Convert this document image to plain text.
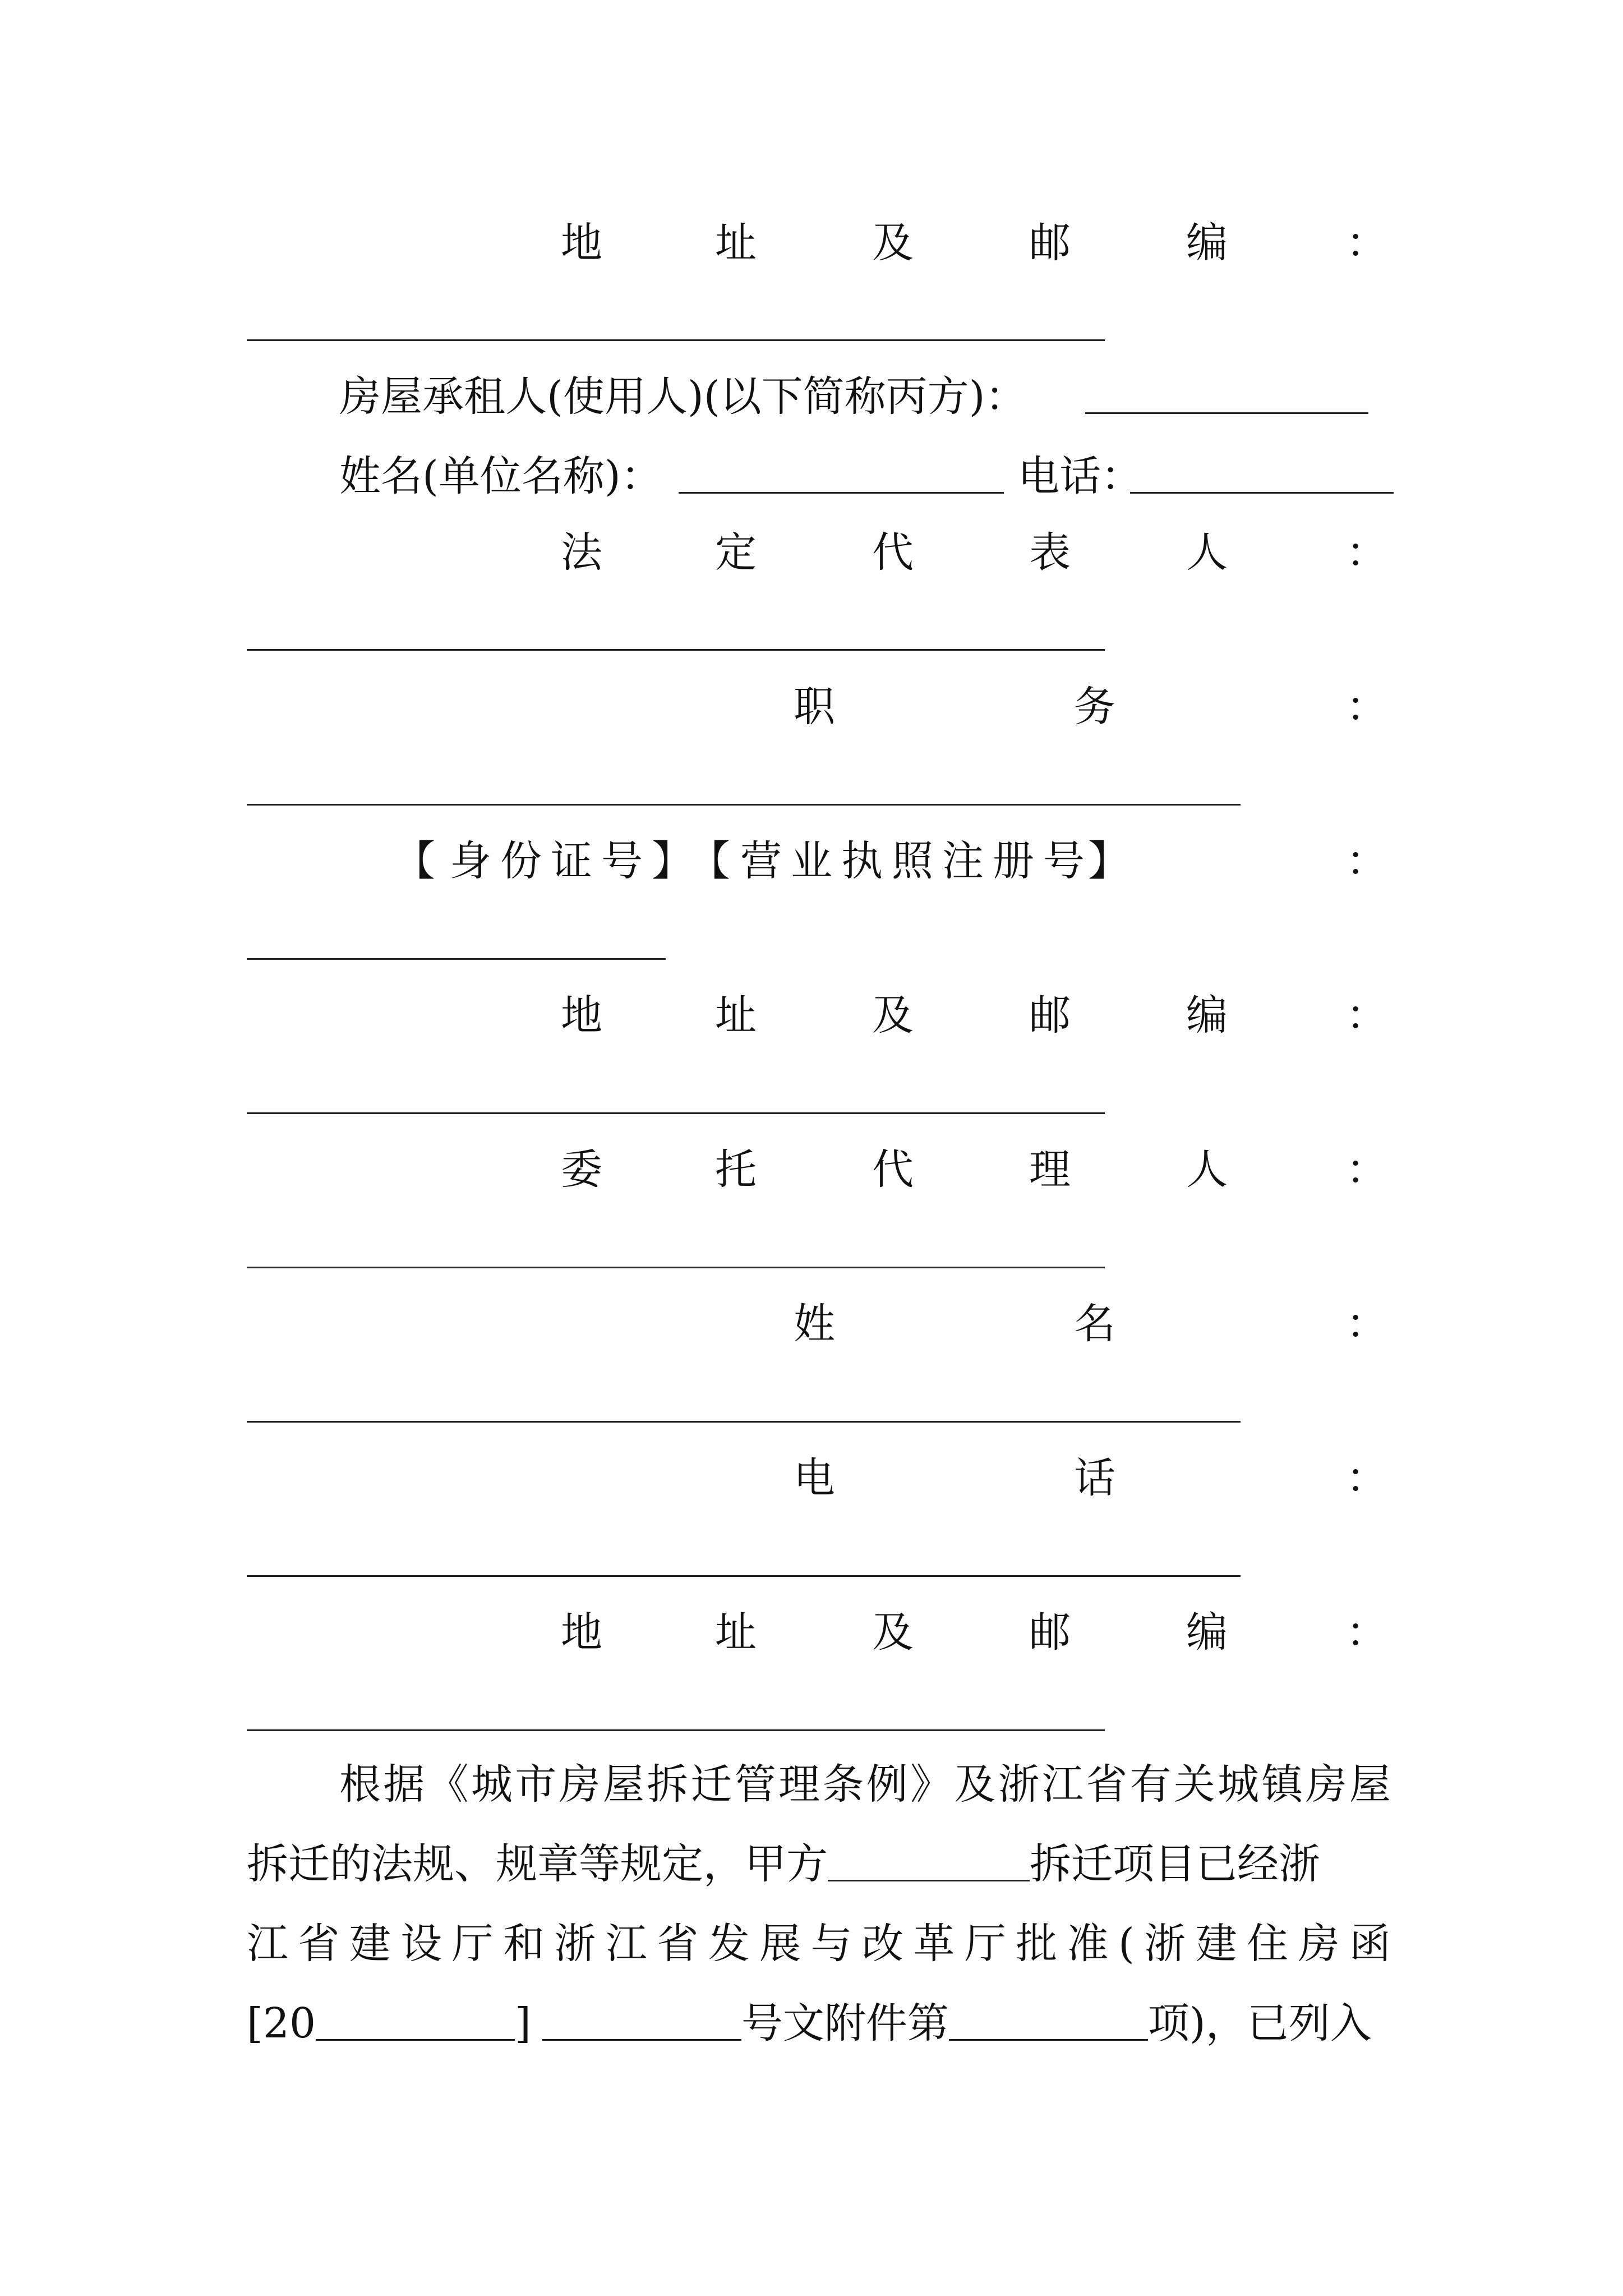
地	址	及	邮	编	：
房屋承租人(使用人)(以下简称丙方)：
姓名(单位名称)：	电话：
法	定	代	表	人	：
职	务	：
【 身 份 证 号 】
【 营 业 执 照 注 册 号 】	：
地	址	及	邮	编	：
委	托	代	理	人	：
姓	名	：
电	话	：
地	址	及	邮	编	：
根据《城市房屋拆迁管理条例》及浙江省有关城镇房屋
拆迁的法规、规章等规定，甲方	拆迁项目已经浙
江省建设厅和浙江省发展与改革厅批准(浙建住房函
[20	]	号文附件第	项)，已列入
